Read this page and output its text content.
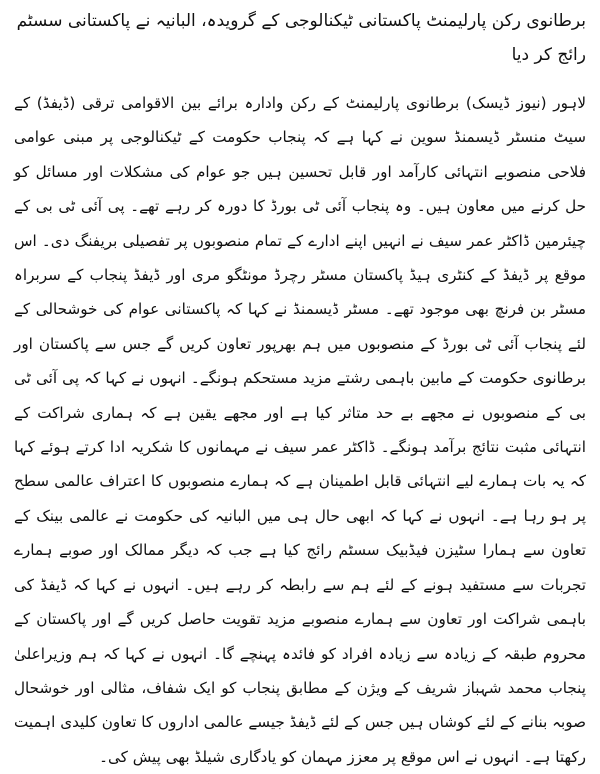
برطانوی رکن پارلیمنٹ پاکستانی ٹیکنالوجی کے گرویدہ، البانیہ نے پاکستانی سسٹم رائج کر دیا

لاہور (نیوز ڈیسک) برطانوی پارلیمنٹ کے رکن وادارہ برائے بین الاقوامی ترقی (ڈیفڈ) کے سیٹ منسٹر ڈیسمنڈ سوین نے کہا ہے کہ پنجاب حکومت کے ٹیکنالوجی پر مبنی عوامی فلاحی منصوبے انتہائی کارآمد اور قابل تحسین ہیں جو عوام کی مشکلات اور مسائل کو حل کرنے میں معاون ہیں۔ وہ پنجاب آئی ٹی بورڈ کا دورہ کر رہے تھے۔ پی آئی ٹی بی کے چیئرمین ڈاکٹر عمر سیف نے انہیں اپنے ادارے کے تمام منصوبوں پر تفصیلی بریفنگ دی۔ اس موقع پر ڈیفڈ کے کنٹری ہیڈ پاکستان مسٹر رچرڈ مونٹگو مری اور ڈیفڈ پنجاب کے سربراہ مسٹر بن فرنچ بھی موجود تھے۔ مسٹر ڈیسمنڈ نے کہا کہ پاکستانی عوام کی خوشحالی کے لئے پنجاب آئی ٹی بورڈ کے منصوبوں میں ہم بھرپور تعاون کریں گے جس سے پاکستان اور برطانوی حکومت کے مابین باہمی رشتے مزید مستحکم ہونگے۔ انہوں نے کہا کہ پی آئی ٹی بی کے منصوبوں نے مجھے بے حد متاثر کیا ہے اور مجھے یقین ہے کہ ہماری شراکت کے انتہائی مثبت نتائج برآمد ہونگے۔ ڈاکٹر عمر سیف نے مہمانوں کا شکریہ ادا کرتے ہوئے کہا کہ یہ بات ہمارے لیے انتہائی قابل اطمینان ہے کہ ہمارے منصوبوں کا اعتراف عالمی سطح پر ہو رہا ہے۔ انہوں نے کہا کہ ابھی حال ہی میں البانیہ کی حکومت نے عالمی بینک کے تعاون سے ہمارا سٹیزن فیڈبیک سسٹم رائج کیا ہے جب کہ دیگر ممالک اور صوبے ہمارے تجربات سے مستفید ہونے کے لئے ہم سے رابطہ کر رہے ہیں۔ انہوں نے کہا کہ ڈیفڈ کی باہمی شراکت اور تعاون سے ہمارے منصوبے مزید تقویت حاصل کریں گے اور پاکستان کے محروم طبقہ کے زیادہ سے زیادہ افراد کو فائدہ پہنچے گا۔ انہوں نے کہا کہ ہم وزیراعلیٰ پنجاب محمد شہباز شریف کے ویژن کے مطابق پنجاب کو ایک شفاف، مثالی اور خوشحال صوبہ بنانے کے لئے کوشاں ہیں جس کے لئے ڈیفڈ جیسے عالمی اداروں کا تعاون کلیدی اہمیت رکھتا ہے۔ انہوں نے اس موقع پر معزز مہمان کو یادگاری شیلڈ بھی پیش کی۔
